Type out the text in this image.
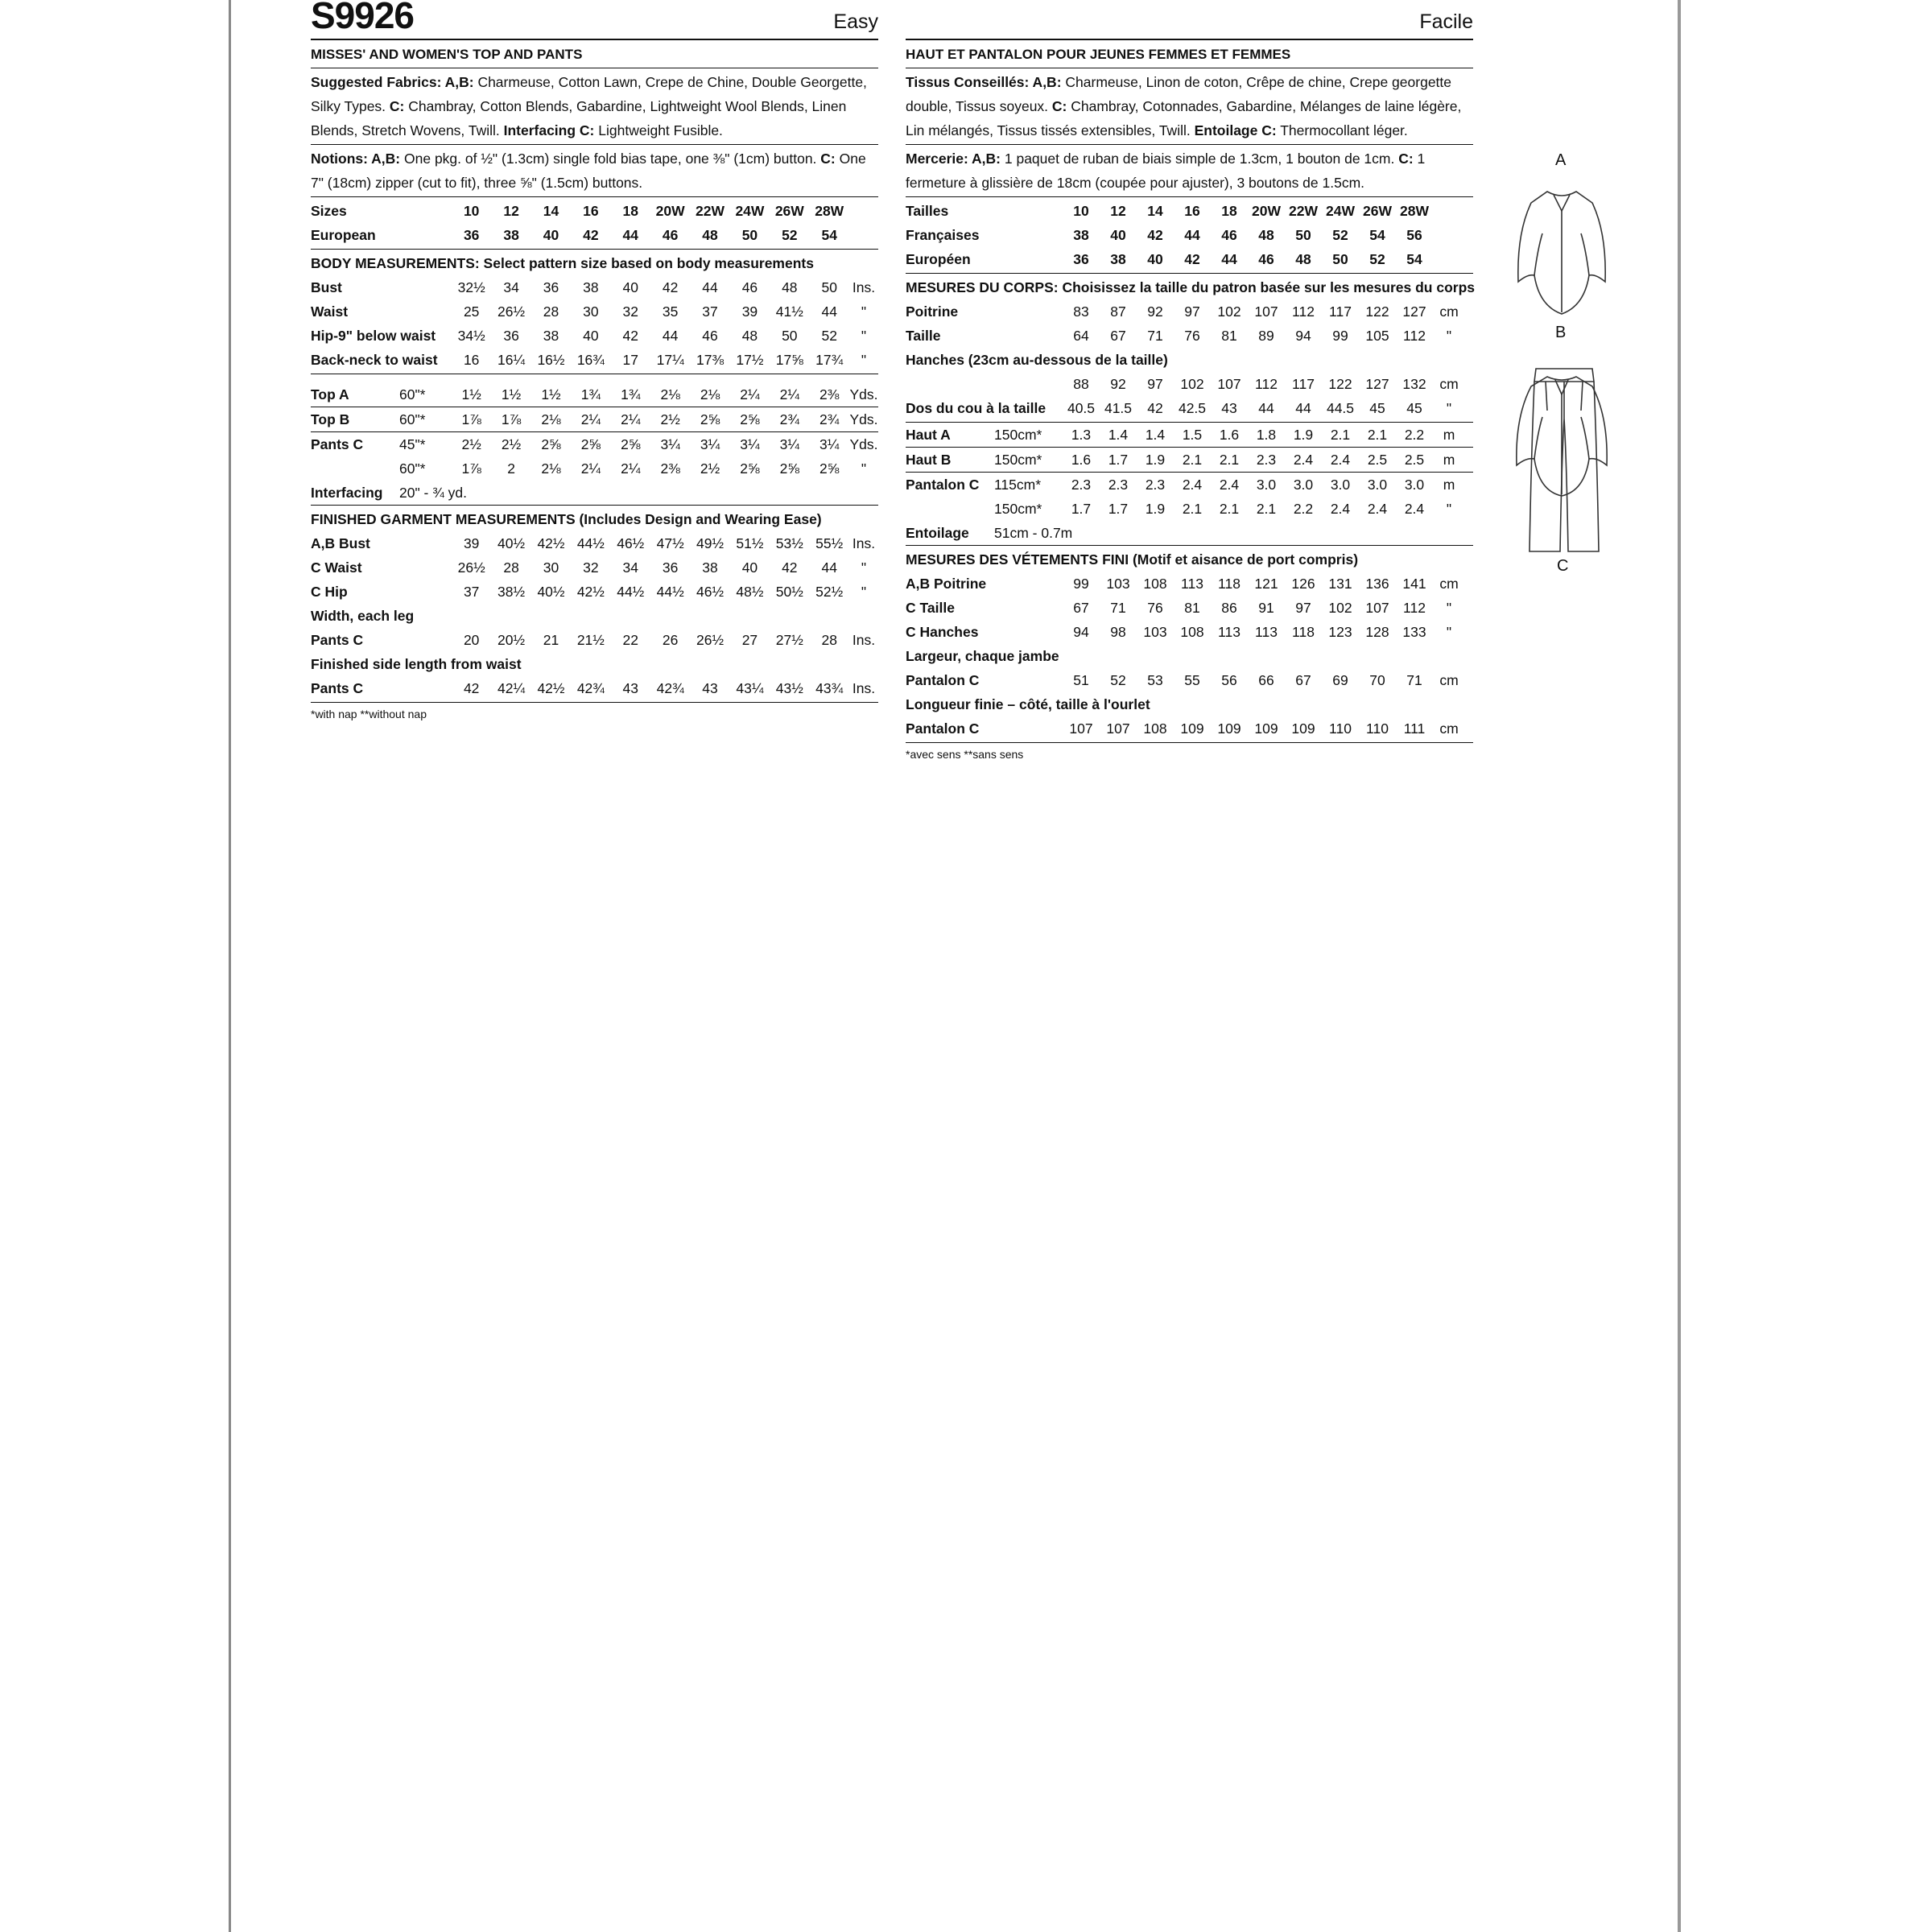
S9926	Easy
MISSES' AND WOMEN'S TOP AND PANTS
Suggested Fabrics: A,B: Charmeuse, Cotton Lawn, Crepe de Chine, Double Georgette, Silky Types. C: Chambray, Cotton Blends, Gabardine, Lightweight Wool Blends, Linen Blends, Stretch Wovens, Twill. Interfacing C: Lightweight Fusible.
Notions: A,B: One pkg. of ½" (1.3cm) single fold bias tape, one ⅜" (1cm) button. C: One 7" (18cm) zipper (cut to fit), three ⅝" (1.5cm) buttons.
Sizes	10	12	14	16	18	20W 22W 24W 26W 28W
European	36	38	40	42	44	46	48	50	52	54
BODY MEASUREMENTS: Select pattern size based on body measurements
Bust	32½	34	36	38	40	42	44	46	48	50	Ins.
Waist	25	26½	28	30	32	35	37	39	41½	44	"
Hip-9" below waist	34½	36	38	40	42	44	46	48	50	52	"
Back-neck to waist	16	16¼ 16½ 16¾	17	17¼ 17⅜ 17½ 17⅝ 17¾	"
Top A	60"*	1½	1½	1½	1¾	1¾	2⅛	2⅛	2¼	2¼	2⅜ Yds.
Top B	60"*	1⅞	1⅞	2⅛	2¼	2¼	2½	2⅝	2⅝	2¾	2¾ Yds.
Pants C	45"*	2½	2½	2⅝	2⅝	2⅝	3¼	3¼	3¼	3¼	3¼ Yds.
60"*	1⅞	2	2⅛	2¼	2¼	2⅜	2½	2⅝	2⅝	2⅝	"
Interfacing	20" - ¾ yd.
FINISHED GARMENT MEASUREMENTS (Includes Design and Wearing Ease)
A,B Bust	39	40½ 42½ 44½ 46½ 47½ 49½ 51½ 53½ 55½ Ins.
C Waist	26½	28	30	32	34	36	38	40	42	44	"
C Hip	37	38½ 40½ 42½ 44½ 44½ 46½ 48½ 50½ 52½	"
Width, each leg
Pants C	20	20½	21	21½	22	26	26½	27	27½	28	Ins.
Finished side length from waist
Pants C	42	42¼ 42½ 42¾	43	42¾	43	43¼ 43½ 43¾ Ins.
*with nap **without nap
Facile
HAUT ET PANTALON POUR JEUNES FEMMES ET FEMMES
Tissus Conseillés: A,B: Charmeuse, Linon de coton, Crêpe de chine, Crepe georgette double, Tissus soyeux. C: Chambray, Cotonnades, Gabardine, Mélanges de laine légère, Lin mélangés, Tissus tissés extensibles, Twill. Entoilage C: Thermocollant léger.
Mercerie: A,B: 1 paquet de ruban de biais simple de 1.3cm, 1 bouton de 1cm. C: 1 fermeture à glissière de 18cm (coupée pour ajuster), 3 boutons de 1.5cm.
Tailles	10	12	14	16	18	20W 22W 24W 26W 28W
Françaises	38	40	42	44	46	48	50	52	54	56
Européen	36	38	40	42	44	46	48	50	52	54
MESURES DU CORPS: Choisissez la taille du patron basée sur les mesures du corps
Poitrine	83	87	92	97	102 107 112	117 122 127 cm
Taille	64	67	71	76	81	89	94	99	105 112	"
Hanches (23cm au-dessous de la taille)
88	92	97	102 107 112	117 122 127 132 cm
Dos du cou à la taille	40.5 41.5	42	42.5	43	44	44	44.5	45	45	"
Haut A	150cm*	1.3	1.4	1.4	1.5	1.6	1.8	1.9	2.1	2.1	2.2	m
Haut B	150cm*	1.6	1.7	1.9	2.1	2.1	2.3	2.4	2.4	2.5	2.5	m
Pantalon C	115cm*	2.3	2.3	2.3	2.4	2.4	3.0	3.0	3.0	3.0	3.0	m
150cm*	1.7	1.7	1.9	2.1	2.1	2.1	2.2	2.4	2.4	2.4	"
Entoilage	51cm - 0.7m
MESURES DES VÉTEMENTS FINI (Motif et aisance de port compris)
A,B Poitrine	99	103 108 113	118 121 126 131 136 141 cm
C Taille	67	71	76	81	86	91	97	102 107 112	"
C Hanches	94	98	103 108 113	113	118 123 128 133	"
Largeur, chaque jambe
Pantalon C	51	52	53	55	56	66	67	69	70	71	cm
Longueur finie – côté, taille à l'ourlet
Pantalon C	107 107 108 109 109 109 109 110	110	111	cm
*avec sens **sans sens
A
B
C
